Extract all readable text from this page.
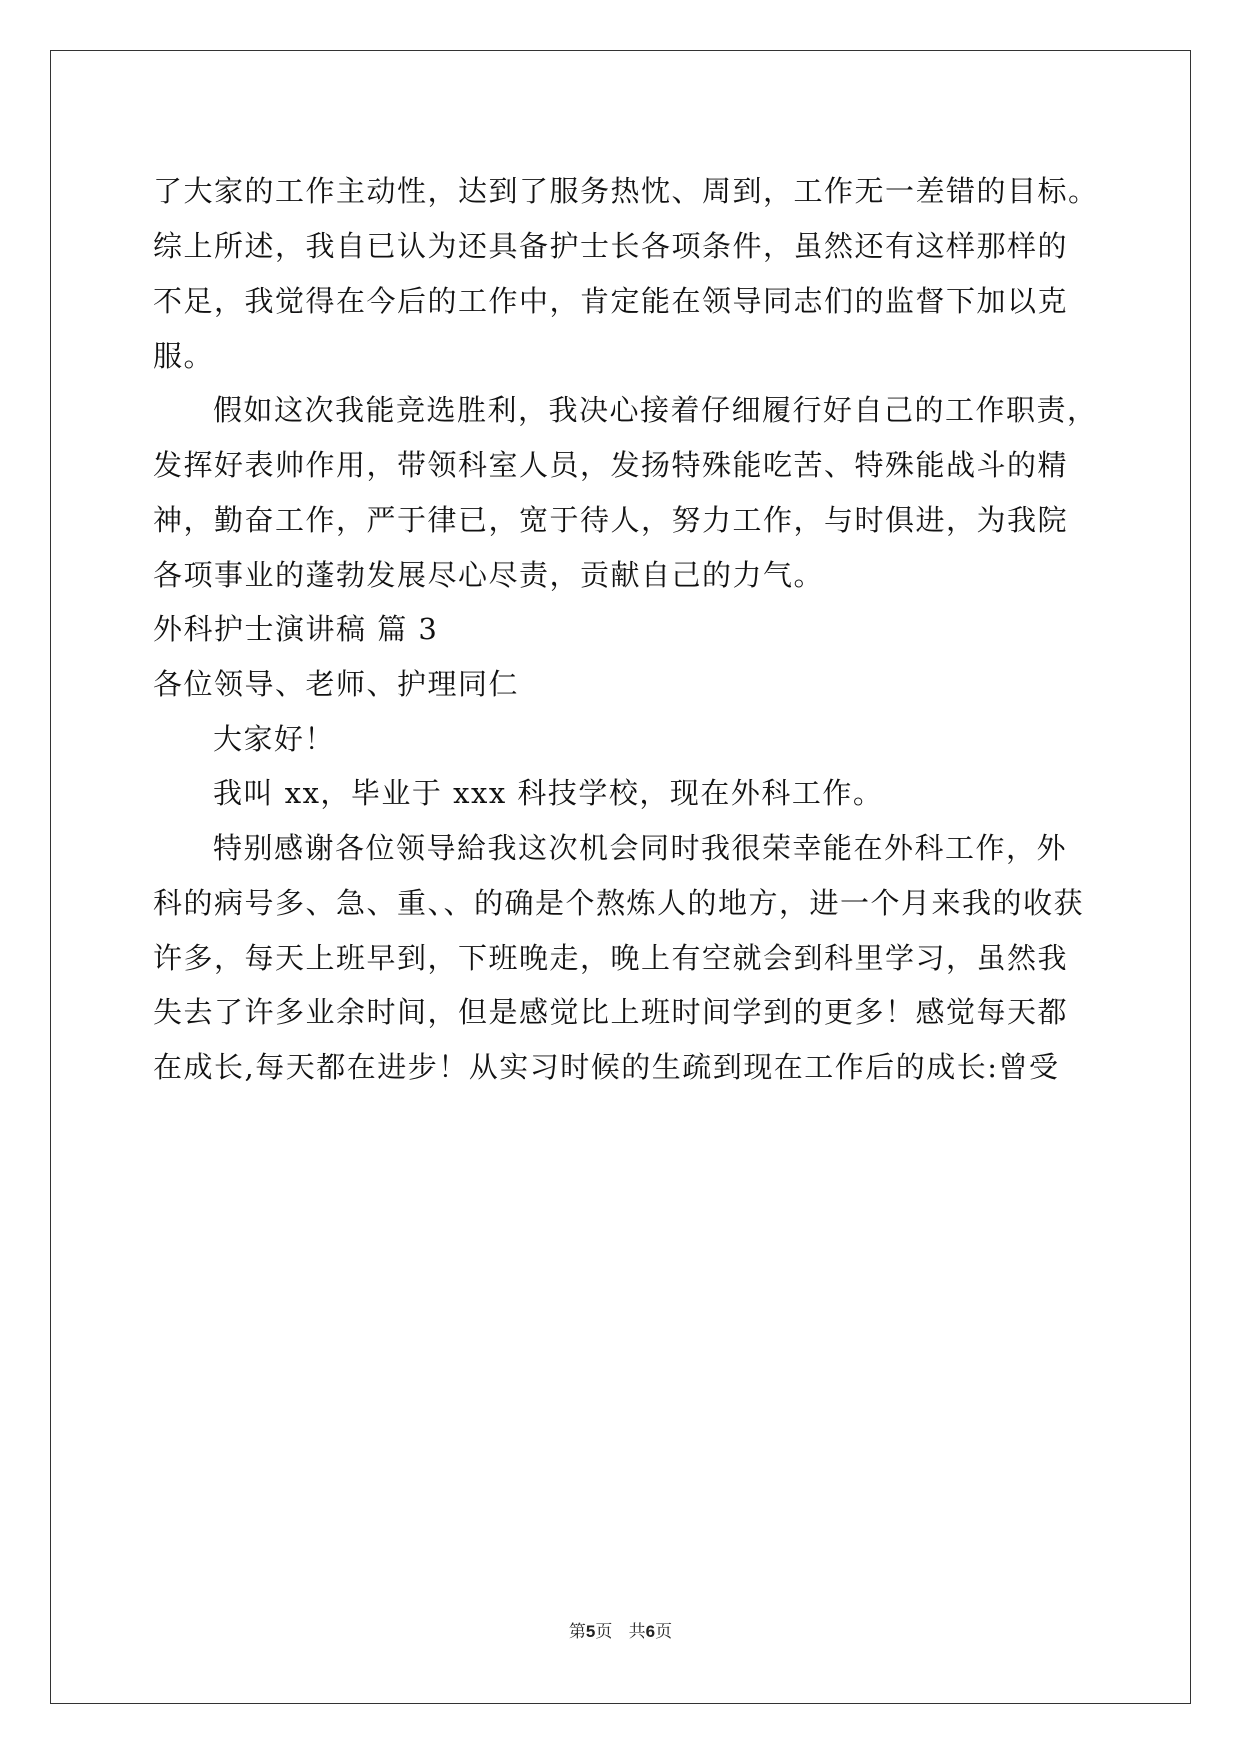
了大家的工作主动性，达到了服务热忱、周到，工作无一差错的目标。
综上所述，我自已认为还具备护士长各项条件，虽然还有这样那样的
不足，我觉得在今后的工作中，肯定能在领导同志们的监督下加以克
服。
假如这次我能竞选胜利，我决心接着仔细履行好自己的工作职责，
发挥好表帅作用，带领科室人员，发扬特殊能吃苦、特殊能战斗的精
神，勤奋工作，严于律已，宽于待人，努力工作，与时俱进，为我院
各项事业的蓬勃发展尽心尽责，贡献自己的力气。
外科护士演讲稿 篇 3
各位领导、老师、护理同仁
大家好！
我叫 xx，毕业于 xxx 科技学校，现在外科工作。
特别感谢各位领导給我这次机会同时我很荣幸能在外科工作，外
科的病号多、急、重、、的确是个熬炼人的地方，进一个月来我的收获
许多，每天上班早到，下班晚走，晚上有空就会到科里学习，虽然我
失去了许多业余时间，但是感觉比上班时间学到的更多！感觉每天都
在成长,每天都在进步！从实习时候的生疏到现在工作后的成长:曾受
第5页 共6页
